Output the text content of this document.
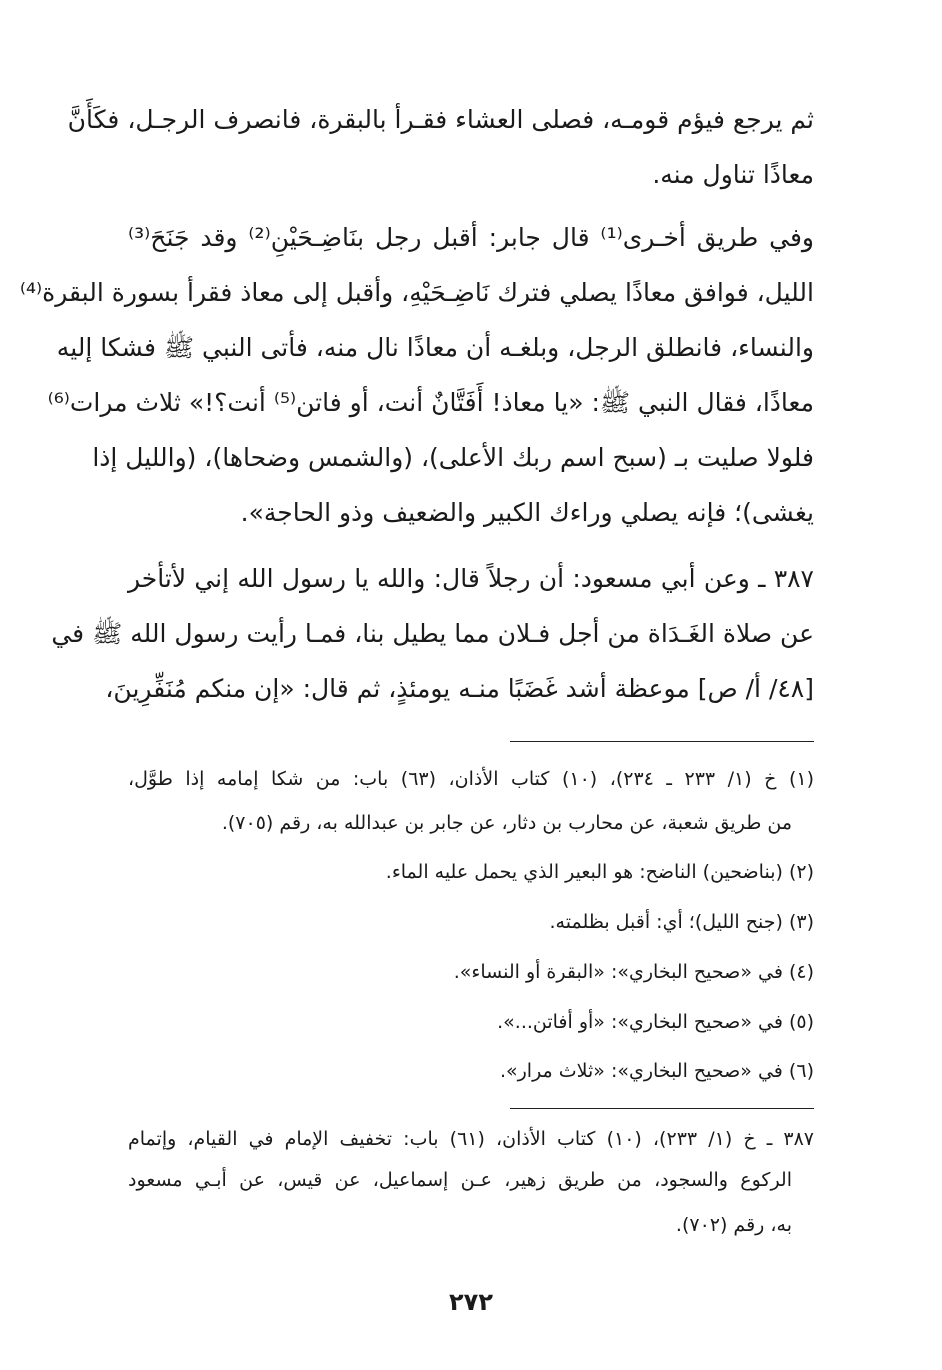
ثم يرجع فيؤم قومـه، فصلى العشاء فقـرأ بالبقرة، فانصرف الرجـل، فكَأَنَّ
معاذًا تناول منه.
وفي طريق أخـرى⁽¹⁾ قال جابر: أقبل رجل بنَاضِـحَيْنِ⁽²⁾ وقد جَنَحَ⁽³⁾
الليل، فوافق معاذًا يصلي فترك نَاضِـحَيْهِ، وأقبل إلى معاذ فقرأ بسورة البقرة⁽⁴⁾
والنساء، فانطلق الرجل، وبلغـه أن معاذًا نال منه، فأتى النبي ﷺ فشكا إليه
معاذًا، فقال النبي ﷺ: «يا معاذ! أَفَتَّانٌ أنت، أو فاتن⁽⁵⁾ أنت؟!» ثلاث مرات⁽⁶⁾
فلولا صليت بـ (سبح اسم ربك الأعلى)، (والشمس وضحاها)، (والليل إذا
يغشى)؛ فإنه يصلي وراءك الكبير والضعيف وذو الحاجة».
٣٨٧ ـ وعن أبي مسعود: أن رجلاً قال: والله يا رسول الله إني لأتأخر
عن صلاة الغَـدَاة من أجل فـلان مما يطيل بنا، فمـا رأيت رسول الله ﷺ في
[٤٨/ أ/ ص] موعظة أشد غَضَبًا منـه يومئذٍ، ثم قال: «إن منكم مُنَفِّرِينَ،
(١) خ (١/ ٢٣٣ ـ ٢٣٤)، (١٠) كتاب الأذان، (٦٣) باب: من شكا إمامه إذا طوَّل،
من طريق شعبة، عن محارب بن دثار، عن جابر بن عبدالله به، رقم (٧٠٥).
(٢) (بناضحين) الناضح: هو البعير الذي يحمل عليه الماء.
(٣) (جنح الليل)؛ أي: أقبل بظلمته.
(٤) في «صحيح البخاري»: «البقرة أو النساء».
(٥) في «صحيح البخاري»: «أو أفاتن...».
(٦) في «صحيح البخاري»: «ثلاث مرار».
٣٨٧ ـ خ (١/ ٢٣٣)، (١٠) كتاب الأذان، (٦١) باب: تخفيف الإمام في القيام، وإتمام
الركوع والسجود، من طريق زهير، عـن إسماعيل، عن قيس، عن أبـي مسعود
به، رقم (٧٠٢).
٢٧٢
